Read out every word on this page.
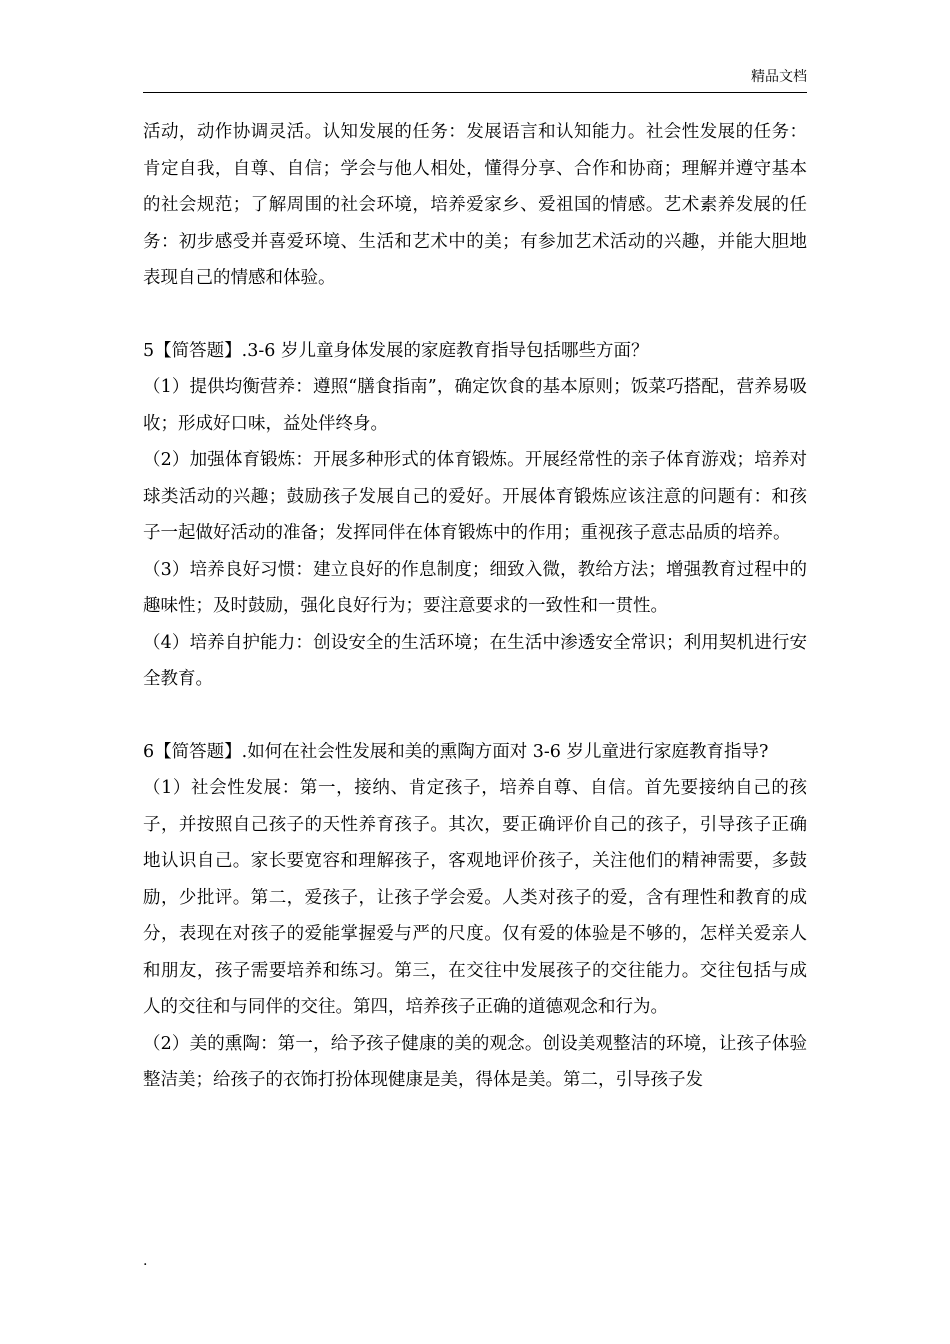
精品文档

活动，动作协调灵活。认知发展的任务：发展语言和认知能力。社会性发展的任务：肯定自我，自尊、自信；学会与他人相处，懂得分享、合作和协商；理解并遵守基本的社会规范；了解周围的社会环境，培养爱家乡、爱祖国的情感。艺术素养发展的任务：初步感受并喜爱环境、生活和艺术中的美；有参加艺术活动的兴趣，并能大胆地表现自己的情感和体验。

5【简答题】.3-6 岁儿童身体发展的家庭教育指导包括哪些方面？

（1）提供均衡营养：遵照“膳食指南”，确定饮食的基本原则；饭菜巧搭配，营养易吸收；形成好口味，益处伴终身。

（2）加强体育锻炼：开展多种形式的体育锻炼。开展经常性的亲子体育游戏；培养对球类活动的兴趣；鼓励孩子发展自己的爱好。开展体育锻炼应该注意的问题有：和孩子一起做好活动的准备；发挥同伴在体育锻炼中的作用；重视孩子意志品质的培养。

（3）培养良好习惯：建立良好的作息制度；细致入微，教给方法；增强教育过程中的趣味性；及时鼓励，强化良好行为；要注意要求的一致性和一贯性。

（4）培养自护能力：创设安全的生活环境；在生活中渗透安全常识；利用契机进行安全教育。

6【简答题】.如何在社会性发展和美的熏陶方面对 3-6 岁儿童进行家庭教育指导?

（1）社会性发展：第一，接纳、肯定孩子，培养自尊、自信。首先要接纳自己的孩子，并按照自己孩子的天性养育孩子。其次，要正确评价自己的孩子，引导孩子正确地认识自己。家长要宽容和理解孩子，客观地评价孩子，关注他们的精神需要，多鼓励，少批评。第二，爱孩子，让孩子学会爱。人类对孩子的爱，含有理性和教育的成分，表现在对孩子的爱能掌握爱与严的尺度。仅有爱的体验是不够的，怎样关爱亲人和朋友，孩子需要培养和练习。第三，在交往中发展孩子的交往能力。交往包括与成人的交往和与同伴的交往。第四，培养孩子正确的道德观念和行为。

（2）美的熏陶：第一，给予孩子健康的美的观念。创设美观整洁的环境，让孩子体验整洁美；给孩子的衣饰打扮体现健康是美，得体是美。第二，引导孩子发

.
